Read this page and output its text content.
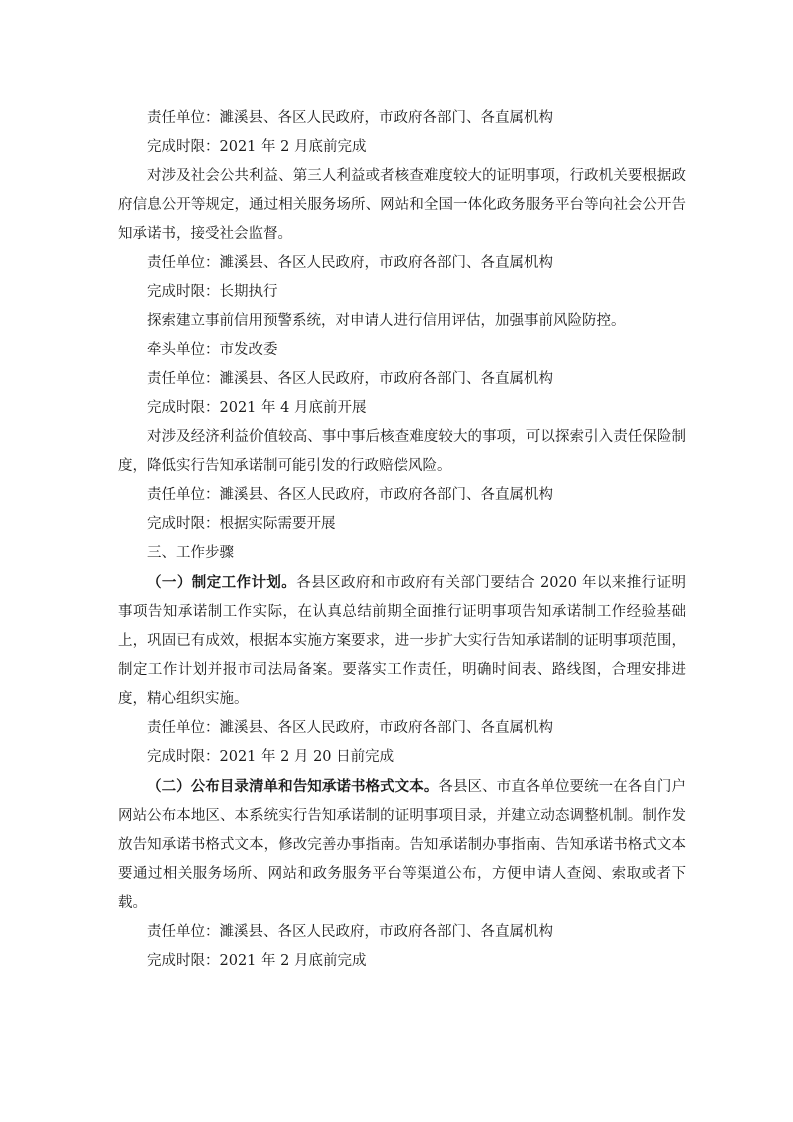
责任单位：濉溪县、各区人民政府，市政府各部门、各直属机构

完成时限：2021 年 2 月底前完成

对涉及社会公共利益、第三人利益或者核查难度较大的证明事项，行政机关要根据政府信息公开等规定，通过相关服务场所、网站和全国一体化政务服务平台等向社会公开告知承诺书，接受社会监督。

责任单位：濉溪县、各区人民政府，市政府各部门、各直属机构

完成时限：长期执行

探索建立事前信用预警系统，对申请人进行信用评估，加强事前风险防控。

牵头单位：市发改委

责任单位：濉溪县、各区人民政府，市政府各部门、各直属机构

完成时限：2021 年 4 月底前开展

对涉及经济利益价值较高、事中事后核查难度较大的事项，可以探索引入责任保险制度，降低实行告知承诺制可能引发的行政赔偿风险。

责任单位：濉溪县、各区人民政府，市政府各部门、各直属机构

完成时限：根据实际需要开展

三、工作步骤

（一）制定工作计划。各县区政府和市政府有关部门要结合 2020 年以来推行证明事项告知承诺制工作实际，在认真总结前期全面推行证明事项告知承诺制工作经验基础上，巩固已有成效，根据本实施方案要求，进一步扩大实行告知承诺制的证明事项范围，制定工作计划并报市司法局备案。要落实工作责任，明确时间表、路线图，合理安排进度，精心组织实施。

责任单位：濉溪县、各区人民政府，市政府各部门、各直属机构

完成时限：2021 年 2 月 20 日前完成

（二）公布目录清单和告知承诺书格式文本。各县区、市直各单位要统一在各自门户网站公布本地区、本系统实行告知承诺制的证明事项目录，并建立动态调整机制。制作发放告知承诺书格式文本，修改完善办事指南。告知承诺制办事指南、告知承诺书格式文本要通过相关服务场所、网站和政务服务平台等渠道公布，方便申请人查阅、索取或者下载。

责任单位：濉溪县、各区人民政府，市政府各部门、各直属机构

完成时限：2021 年 2 月底前完成
